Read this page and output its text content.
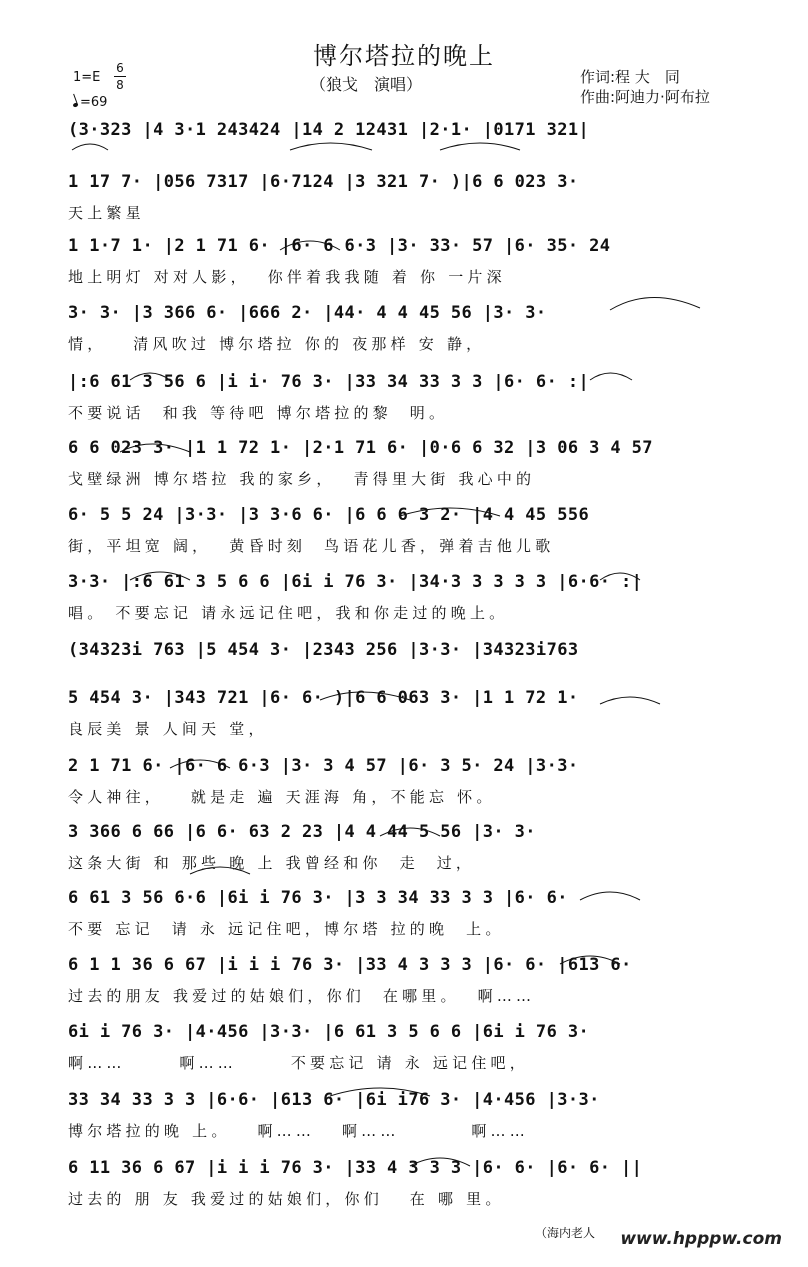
博尔塔拉的晚上
（狼戈　演唱）	作词:程 大　同
作曲:阿迪力·阿布拉
1=E
6
8
=69
(3·323 |4 3·1 243424 |14 2 12431 |2·1· |0171 321|
1 17 7· |056 7317 |6·7124 |3 321 7· )|6 6 023 3·
天上繁星
1 1·7 1· |2 1 71 6· |6· 6 6·3 |3· 33· 57 |6· 35· 24
地上明灯 对对人影，  你伴着我我随 着 你 一片深
3· 3· |3 366 6· |666 2· |44· 4 4 45 56 |3· 3·
情，   清风吹过 博尔塔拉 你的 夜那样 安 静，
|:6 61 3 56 6 |i i· 76 3· |33 34 33 3 3 |6· 6· :|
不要说话  和我 等待吧 博尔塔拉的黎  明。
6 6 023 3· |1 1 72 1· |2·1 71 6· |0·6 6 32 |3 06 3 4 57
戈壁绿洲 博尔塔拉 我的家乡，  青得里大街 我心中的
6· 5 5 24 |3·3· |3 3·6 6· |6 6 6 3 2· |4 4 45 556
街，平坦宽 阔，  黄昏时刻  鸟语花儿香，弹着吉他儿歌
3·3· |:6 61 3 5 6 6 |6i i 76 3· |34·3 3 3 3 3 |6·6· :|
唱。 不要忘记 请永远记住吧，我和你走过的晚上。
(34323i 763 |5 454 3· |2343 256 |3·3· |34323i763
5 454 3· |343 721 |6· 6· )|6 6 063 3· |1 1 72 1·
良辰美 景 人间天 堂，
2 1 71 6· |6· 6 6·3 |3· 3 4 57 |6· 3 5· 24 |3·3·
令人神往，   就是走 遍 天涯海 角，不能忘 怀。
3 366 6 66 |6 6· 63 2 23 |4 4 44 5 56 |3· 3·
这条大街 和 那些 晚 上 我曾经和你  走  过，
6 61 3 56 6·6 |6i i 76 3· |3 3 34 33 3 3 |6· 6·
不要 忘记  请 永 远记住吧，博尔塔 拉的晚  上。
6 1 1 36 6 67 |i i i 76 3· |33 4 3 3 3 |6· 6· |613 6·
过去的朋友 我爱过的姑娘们，你们  在哪里。  啊……
6i i 76 3· |4·456 |3·3· |6 61 3 5 6 6 |6i i 76 3·
啊……      啊……      不要忘记 请 永 远记住吧，
33 34 33 3 3 |6·6· |613 6· |6i i76 3· |4·456 |3·3·
博尔塔拉的晚 上。   啊……   啊……        啊……
6 11 36 6 67 |i i i 76 3· |33 4 3 3 3 |6· 6· |6· 6· ||
过去的 朋 友 我爱过的姑娘们，你们   在 哪 里。
（海内老人 www.hpppw.com
